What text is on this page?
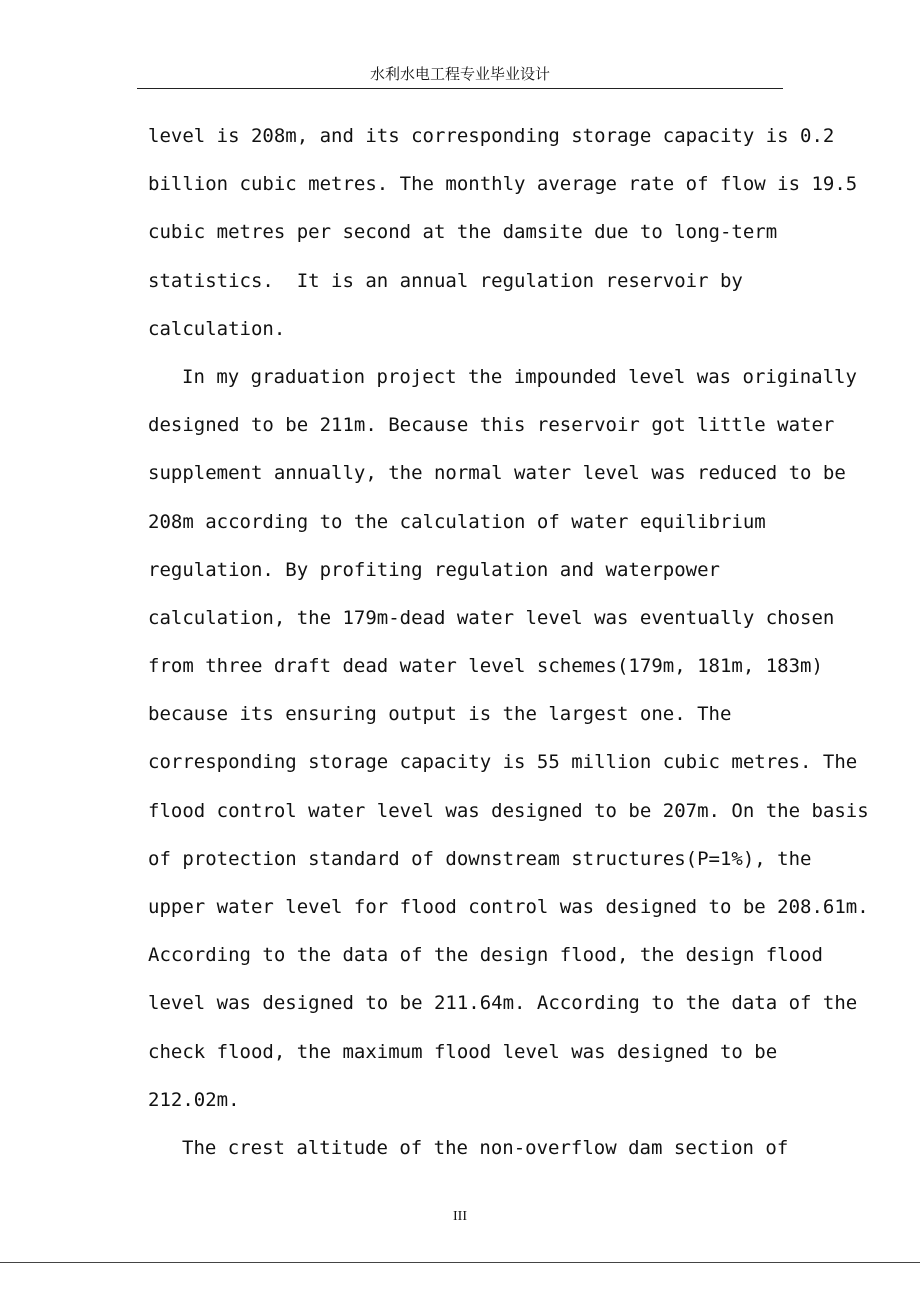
水利水电工程专业毕业设计
level is 208m, and its corresponding storage capacity is 0.2
billion cubic metres. The monthly average rate of flow is 19.5
cubic metres per second at the damsite due to long-term
statistics.  It is an annual regulation reservoir by
calculation.
In my graduation project the impounded level was originally
designed to be 211m. Because this reservoir got little water
supplement annually, the normal water level was reduced to be
208m according to the calculation of water equilibrium
regulation. By profiting regulation and waterpower
calculation, the 179m-dead water level was eventually chosen
from three draft dead water level schemes(179m, 181m, 183m)
because its ensuring output is the largest one. The
corresponding storage capacity is 55 million cubic metres. The
flood control water level was designed to be 207m. On the basis
of protection standard of downstream structures(P=1%), the
upper water level for flood control was designed to be 208.61m.
According to the data of the design flood, the design flood
level was designed to be 211.64m. According to the data of the
check flood, the maximum flood level was designed to be
212.02m.
The crest altitude of the non-overflow dam section of
III
